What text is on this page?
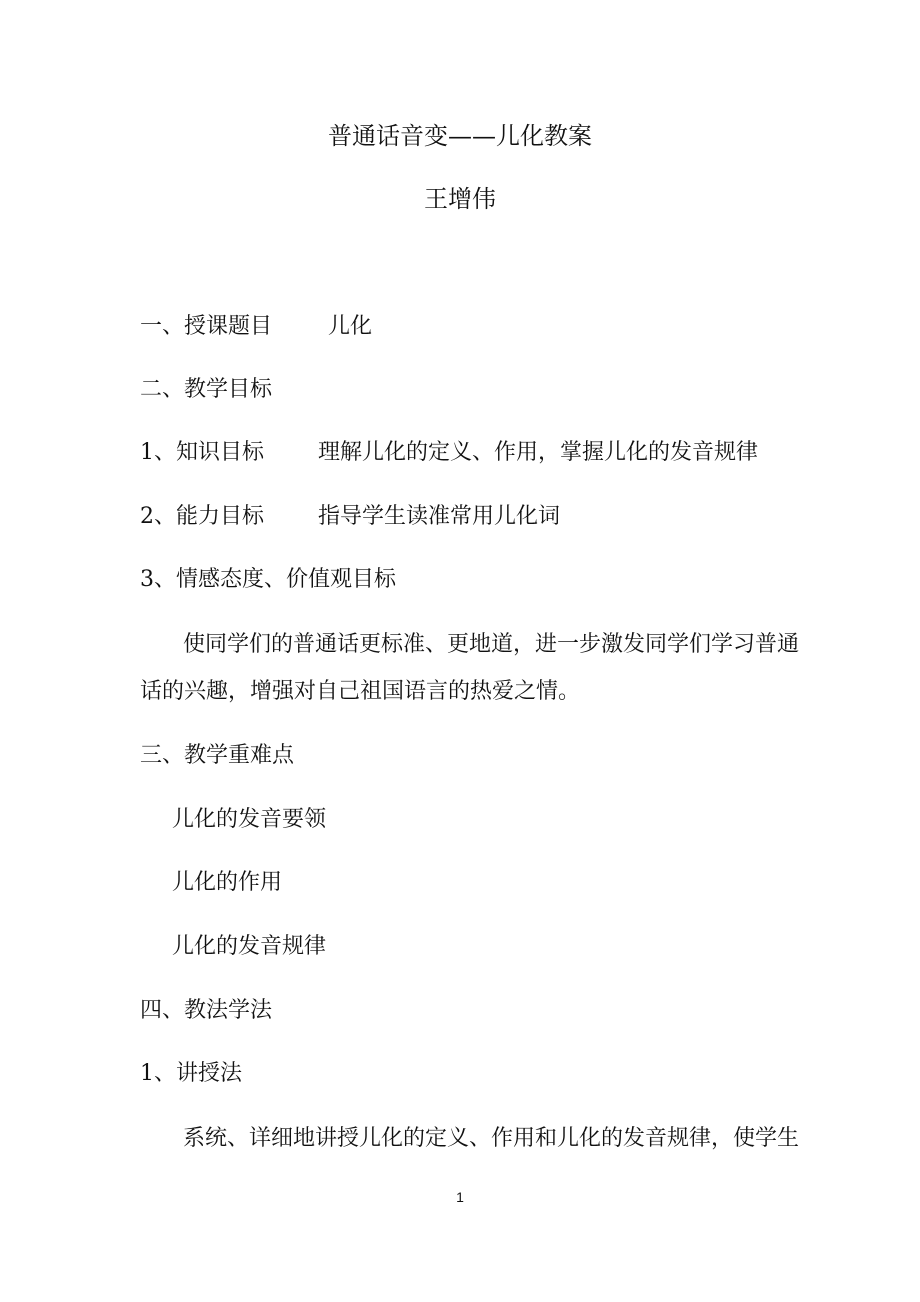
普通话音变——儿化教案
王增伟
一、授课题目	儿化
二、教学目标
1、知识目标 理解儿化的定义、作用，掌握儿化的发音规律
2、能力目标 指导学生读准常用儿化词
3、情感态度、价值观目标
使同学们的普通话更标准、更地道，进一步激发同学们学习普通
话的兴趣，增强对自己祖国语言的热爱之情。
三、教学重难点
儿化的发音要领
儿化的作用
儿化的发音规律
四、教法学法
1、讲授法
系统、详细地讲授儿化的定义、作用和儿化的发音规律，使学生
1
